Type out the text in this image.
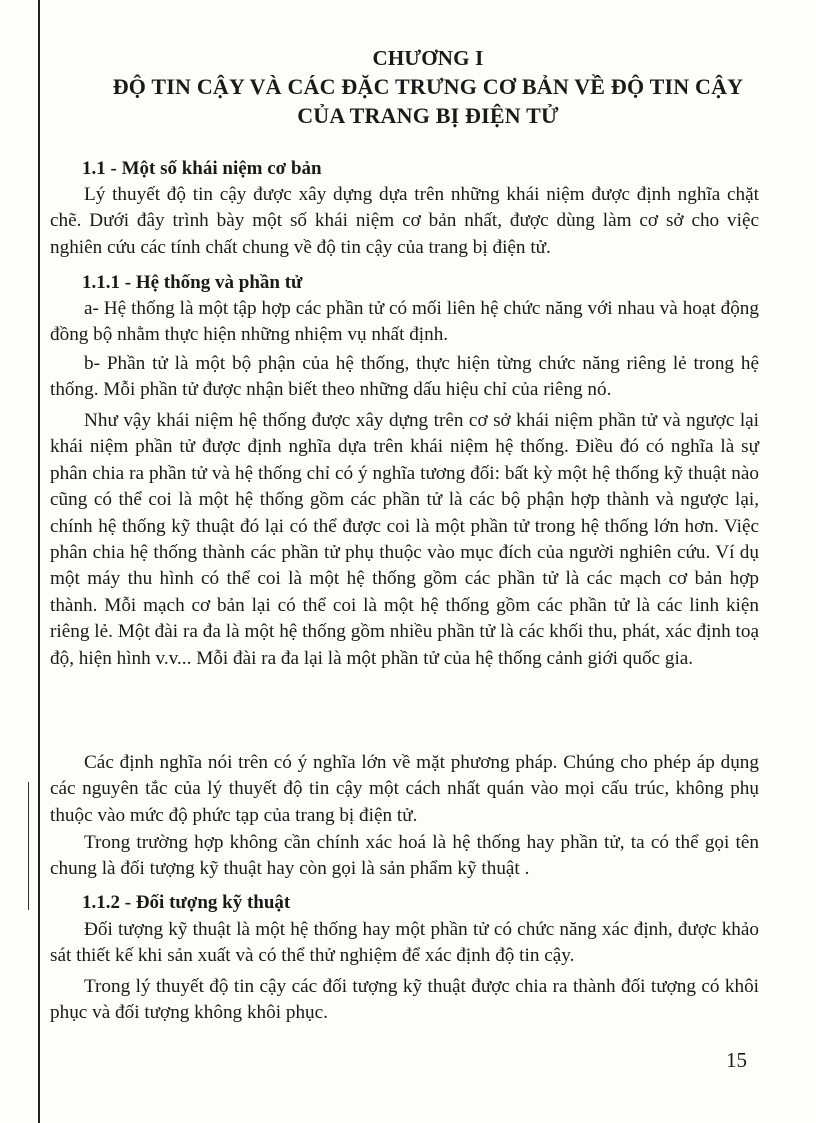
CHƯƠNG I
ĐỘ TIN CẬY VÀ CÁC ĐẶC TRƯNG CƠ BẢN VỀ ĐỘ TIN CẬY
CỦA TRANG BỊ ĐIỆN TỬ
1.1 - Một số khái niệm cơ bản

Lý thuyết độ tin cậy được xây dựng dựa trên những khái niệm được định nghĩa chặt chẽ. Dưới đây trình bày một số khái niệm cơ bản nhất, được dùng làm cơ sở cho việc nghiên cứu các tính chất chung về độ tin cậy của trang bị điện tử.

1.1.1 - Hệ thống và phần tử

a- Hệ thống là một tập hợp các phần tử có mối liên hệ chức năng với nhau và hoạt động đồng bộ nhằm thực hiện những nhiệm vụ nhất định.

b- Phần tử là một bộ phận của hệ thống, thực hiện từng chức năng riêng lẻ trong hệ thống. Mỗi phần tử được nhận biết theo những dấu hiệu chỉ của riêng nó.

Như vậy khái niệm hệ thống được xây dựng trên cơ sở khái niệm phần tử và ngược lại khái niệm phần tử được định nghĩa dựa trên khái niệm hệ thống. Điều đó có nghĩa là sự phân chia ra phần tử và hệ thống chỉ có ý nghĩa tương đối: bất kỳ một hệ thống kỹ thuật nào cũng có thể coi là một hệ thống gồm các phần tử là các bộ phận hợp thành và ngược lại, chính hệ thống kỹ thuật đó lại có thể được coi là một phần tử trong hệ thống lớn hơn. Việc phân chia hệ thống thành các phần tử phụ thuộc vào mục đích của người nghiên cứu. Ví dụ một máy thu hình có thể coi là một hệ thống gồm các phần tử là các mạch cơ bản hợp thành. Mỗi mạch cơ bản lại có thể coi là một hệ thống gồm các phần tử là các linh kiện riêng lẻ. Một đài ra đa là một hệ thống gồm nhiều phần tử là các khối thu, phát, xác định toạ độ, hiện hình v.v... Mỗi đài ra đa lại là một phần tử của hệ thống cảnh giới quốc gia.

Các định nghĩa nói trên có ý nghĩa lớn về mặt phương pháp. Chúng cho phép áp dụng các nguyên tắc của lý thuyết độ tin cậy một cách nhất quán vào mọi cấu trúc, không phụ thuộc vào mức độ phức tạp của trang bị điện tử.

Trong trường hợp không cần chính xác hoá là hệ thống hay phần tử, ta có thể gọi tên chung là đối tượng kỹ thuật hay còn gọi là sản phẩm kỹ thuật .

1.1.2 - Đối tượng kỹ thuật

Đối tượng kỹ thuật là một hệ thống hay một phần tử có chức năng xác định, được khảo sát thiết kế khi sản xuất và có thể thử nghiệm để xác định độ tin cậy.

Trong lý thuyết độ tin cậy các đối tượng kỹ thuật được chia ra thành đối tượng có khôi phục và đối tượng không khôi phục.

15
